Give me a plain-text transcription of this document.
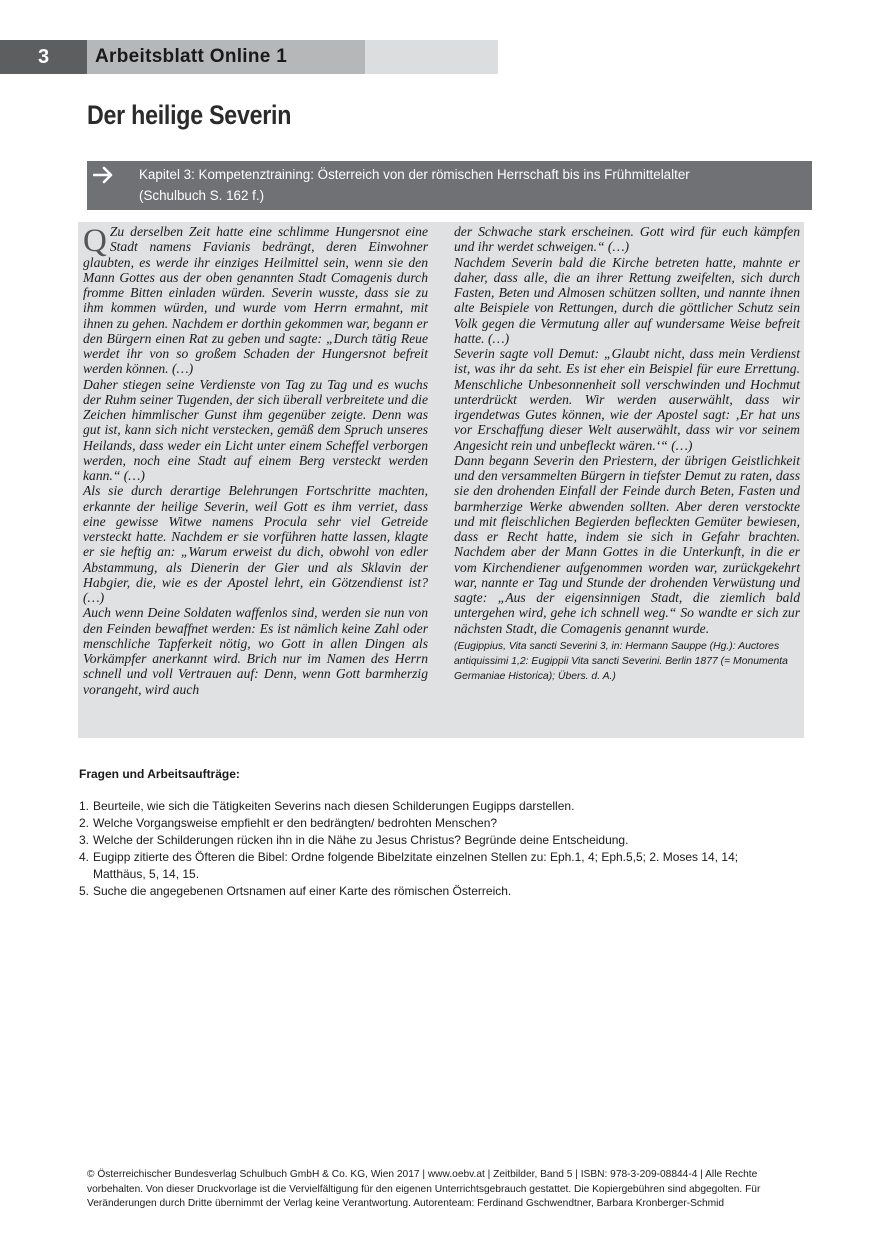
3	Arbeitsblatt Online 1
Der heilige Severin
Kapitel 3: Kompetenztraining: Österreich von der römischen Herrschaft bis ins Frühmittelalter
(Schulbuch S. 162 f.)

Q Zu derselben Zeit hatte eine schlimme Hungersnot eine Stadt namens Favianis bedrängt, deren Einwohner glaubten, es werde ihr einziges Heilmittel sein, wenn sie den Mann Gottes aus der oben genannten Stadt Comagenis durch fromme Bitten einladen würden. Severin wusste, dass sie zu ihm kommen würden, und wurde vom Herrn ermahnt, mit ihnen zu gehen. Nachdem er dorthin gekommen war, begann er den Bürgern einen Rat zu geben und sagte: „Durch tätig Reue werdet ihr von so großem Schaden der Hungersnot befreit werden können. (…)

Daher stiegen seine Verdienste von Tag zu Tag und es wuchs der Ruhm seiner Tugenden, der sich überall verbreitete und die Zeichen himmlischer Gunst ihm gegenüber zeigte. Denn was gut ist, kann sich nicht verstecken, gemäß dem Spruch unseres Heilands, dass weder ein Licht unter einem Scheffel verborgen werden, noch eine Stadt auf einem Berg versteckt werden kann.“ (…)

Als sie durch derartige Belehrungen Fortschritte machten, erkannte der heilige Severin, weil Gott es ihm verriet, dass eine gewisse Witwe namens Procula sehr viel Getreide versteckt hatte. Nachdem er sie vorführen hatte lassen, klagte er sie heftig an: „Warum erweist du dich, obwohl von edler Abstammung, als Dienerin der Gier und als Sklavin der Habgier, die, wie es der Apostel lehrt, ein Götzendienst ist? (…)

Auch wenn Deine Soldaten waffenlos sind, werden sie nun von den Feinden bewaffnet werden: Es ist nämlich keine Zahl oder menschliche Tapferkeit nötig, wo Gott in allen Dingen als Vorkämpfer anerkannt wird. Brich nur im Namen des Herrn schnell und voll Vertrauen auf: Denn, wenn Gott barmherzig vorangeht, wird auch

der Schwache stark erscheinen. Gott wird für euch kämpfen und ihr werdet schweigen.“ (…)

Nachdem Severin bald die Kirche betreten hatte, mahnte er daher, dass alle, die an ihrer Rettung zweifelten, sich durch Fasten, Beten und Almosen schützen sollten, und nannte ihnen alte Beispiele von Rettungen, durch die göttlicher Schutz sein Volk gegen die Vermutung aller auf wundersame Weise befreit hatte. (…)

Severin sagte voll Demut: „Glaubt nicht, dass mein Verdienst ist, was ihr da seht. Es ist eher ein Beispiel für eure Errettung. Menschliche Unbesonnenheit soll verschwinden und Hochmut unterdrückt werden. Wir werden auserwählt, dass wir irgendetwas Gutes können, wie der Apostel sagt: ‚Er hat uns vor Erschaffung dieser Welt auserwählt, dass wir vor seinem Angesicht rein und unbefleckt wären.‘“ (…)

Dann begann Severin den Priestern, der übrigen Geistlichkeit und den versammelten Bürgern in tiefster Demut zu raten, dass sie den drohenden Einfall der Feinde durch Beten, Fasten und barmherzige Werke abwenden sollten. Aber deren verstockte und mit fleischlichen Begierden befleckten Gemüter bewiesen, dass er Recht hatte, indem sie sich in Gefahr brachten. Nachdem aber der Mann Gottes in die Unterkunft, in die er vom Kirchendiener aufgenommen worden war, zurückgekehrt war, nannte er Tag und Stunde der drohenden Verwüstung und sagte: „Aus der eigensinnigen Stadt, die ziemlich bald untergehen wird, gehe ich schnell weg.“ So wandte er sich zur nächsten Stadt, die Comagenis genannt wurde.

(Eugippius, Vita sancti Severini 3, in: Hermann Sauppe (Hg.): Auctores antiquissimi 1,2: Eugippii Vita sancti Severini. Berlin 1877 (= Monumenta Germaniae Historica); Übers. d. A.)

Fragen und Arbeitsaufträge:
1. Beurteile, wie sich die Tätigkeiten Severins nach diesen Schilderungen Eugipps darstellen.
2. Welche Vorgangsweise empfiehlt er den bedrängten/ bedrohten Menschen?
3. Welche der Schilderungen rücken ihn in die Nähe zu Jesus Christus? Begründe deine Entscheidung.
4. Eugipp zitierte des Öfteren die Bibel: Ordne folgende Bibelzitate einzelnen Stellen zu: Eph.1, 4; Eph.5,5; 2. Moses 14, 14; Matthäus, 5, 14, 15.
5. Suche die angegebenen Ortsnamen auf einer Karte des römischen Österreich.

© Österreichischer Bundesverlag Schulbuch GmbH & Co. KG, Wien 2017 | www.oebv.at | Zeitbilder, Band 5 | ISBN: 978-3-209-08844-4 | Alle Rechte vorbehalten. Von dieser Druckvorlage ist die Vervielfältigung für den eigenen Unterrichtsgebrauch gestattet. Die Kopiergebühren sind abgegolten. Für Veränderungen durch Dritte übernimmt der Verlag keine Verantwortung. Autorenteam: Ferdinand Gschwendtner, Barbara Kronberger-Schmid
